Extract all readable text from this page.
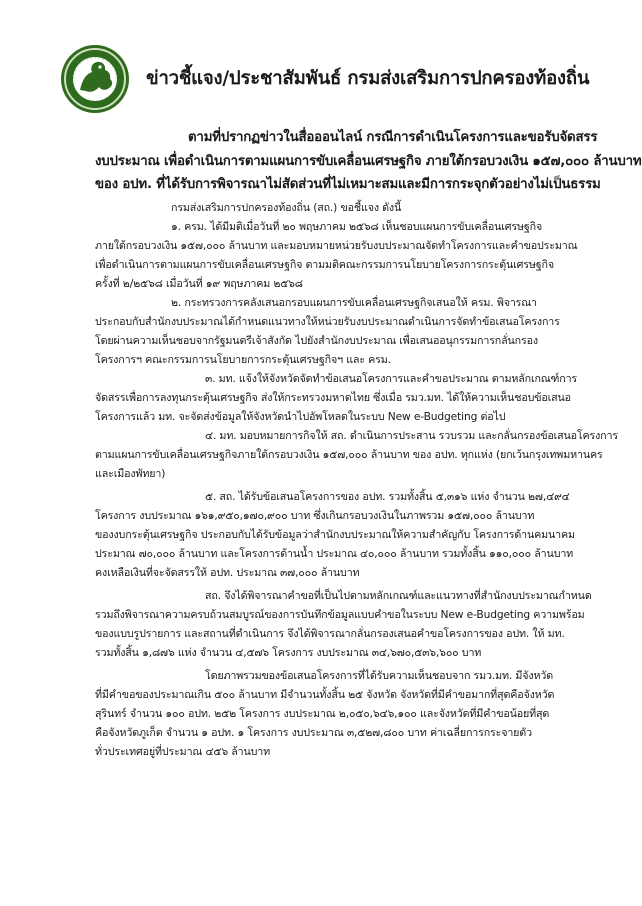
ข่าวชี้แจง/ประชาสัมพันธ์ กรมส่งเสริมการปกครองท้องถิ่น

ตามที่ปรากฏข่าวในสื่อออนไลน์ กรณีการดำเนินโครงการและขอรับจัดสรร

งบประมาณ เพื่อดำเนินการตามแผนการขับเคลื่อนเศรษฐกิจ ภายใต้กรอบวงเงิน ๑๕๗,๐๐๐ ล้านบาท

ของ อปท. ที่ได้รับการพิจารณาไม่สัดส่วนที่ไม่เหมาะสมและมีการกระจุกตัวอย่างไม่เป็นธรรม

กรมส่งเสริมการปกครองท้องถิ่น (สถ.) ขอชี้แจง ดังนี้

๑. ครม. ได้มีมติเมื่อวันที่ ๒๐ พฤษภาคม ๒๕๖๘ เห็นชอบแผนการขับเคลื่อนเศรษฐกิจ

ภายใต้กรอบวงเงิน ๑๕๗,๐๐๐ ล้านบาท และมอบหมายหน่วยรับงบประมาณจัดทำโครงการและคำขอประมาณ

เพื่อดำเนินการตามแผนการขับเคลื่อนเศรษฐกิจ ตามมติคณะกรรมการนโยบายโครงการกระตุ้นเศรษฐกิจ

ครั้งที่ ๒/๒๕๖๘ เมื่อวันที่ ๑๙ พฤษภาคม ๒๕๖๘

๒. กระทรวงการคลังเสนอกรอบแผนการขับเคลื่อนเศรษฐกิจเสนอให้ ครม. พิจารณา

ประกอบกับสำนักงบประมาณได้กำหนดแนวทางให้หน่วยรับงบประมาณดำเนินการจัดทำข้อเสนอโครงการ

โดยผ่านความเห็นชอบจากรัฐมนตรีเจ้าสังกัด ไปยังสำนักงบประมาณ เพื่อเสนออนุกรรมการกลั่นกรอง

โครงการฯ คณะกรรมการนโยบายการกระตุ้นเศรษฐกิจฯ และ ครม.

๓. มท. แจ้งให้จังหวัดจัดทำข้อเสนอโครงการและคำขอประมาณ ตามหลักเกณฑ์การ

จัดสรรเพื่อการลงทุนกระตุ้นเศรษฐกิจ ส่งให้กระทรวงมหาดไทย ซึ่งเมื่อ รมว.มท. ได้ให้ความเห็นชอบข้อเสนอ

โครงการแล้ว มท. จะจัดส่งข้อมูลให้จังหวัดนำไปอัพโหลดในระบบ New e-Budgeting ต่อไป

๔. มท. มอบหมายการกิจให้ สถ. ดำเนินการประสาน รวบรวม และกลั่นกรองข้อเสนอโครงการ

ตามแผนการขับเคลื่อนเศรษฐกิจภายใต้กรอบวงเงิน ๑๕๗,๐๐๐ ล้านบาท ของ อปท. ทุกแห่ง (ยกเว้นกรุงเทพมหานคร

และเมืองพัทยา)

๕. สถ. ได้รับข้อเสนอโครงการของ อปท. รวมทั้งสิ้น ๕,๓๑๖ แห่ง จำนวน ๒๗,๔๙๔

โครงการ งบประมาณ ๑๖๑,๙๕๐,๑๗๐,๙๐๐ บาท ซึ่งเกินกรอบวงเงินในภาพรวม ๑๕๗,๐๐๐ ล้านบาท

ของงบกระตุ้นเศรษฐกิจ ประกอบกับได้รับข้อมูลว่าสำนักงบประมาณให้ความสำคัญกับ โครงการด้านคมนาคม

ประมาณ ๗๐,๐๐๐ ล้านบาท และโครงการด้านน้ำ ประมาณ ๔๐,๐๐๐ ล้านบาท รวมทั้งสิ้น ๑๑๐,๐๐๐ ล้านบาท

คงเหลือเงินที่จะจัดสรรให้ อปท. ประมาณ ๓๗,๐๐๐ ล้านบาท

สถ. จึงได้พิจารณาคำขอที่เป็นไปตามหลักเกณฑ์และแนวทางที่สำนักงบประมาณกำหนด

รวมถึงพิจารณาความครบถ้วนสมบูรณ์ของการบันทึกข้อมูลแบบคำขอในระบบ New e-Budgeting ความพร้อม

ของแบบรูปรายการ และสถานที่ดำเนินการ จึงได้พิจารณากลั่นกรองเสนอคำขอโครงการของ อปท. ให้ มท.

รวมทั้งสิ้น ๑,๘๗๖ แห่ง จำนวน ๔,๕๗๖ โครงการ งบประมาณ ๓๔,๖๗๐,๕๓๖,๖๐๐ บาท

โดยภาพรวมของข้อเสนอโครงการที่ได้รับความเห็นชอบจาก รมว.มท. มีจังหวัด

ที่มีคำขอของประมาณเกิน ๕๐๐ ล้านบาท มีจำนวนทั้งสิ้น ๒๕ จังหวัด จังหวัดที่มีคำขอมากที่สุดคือจังหวัด

สุรินทร์ จำนวน ๑๐๐ อปท. ๒๕๒ โครงการ งบประมาณ ๒,๐๕๐,๖๔๖,๑๐๐ และจังหวัดที่มีคำขอน้อยที่สุด

คือจังหวัดภูเก็ต จำนวน ๑ อปท. ๑ โครงการ งบประมาณ ๓,๕๒๗,๘๐๐ บาท ค่าเฉลี่ยการกระจายตัว

ทั่วประเทศอยู่ที่ประมาณ ๔๕๖ ล้านบาท
